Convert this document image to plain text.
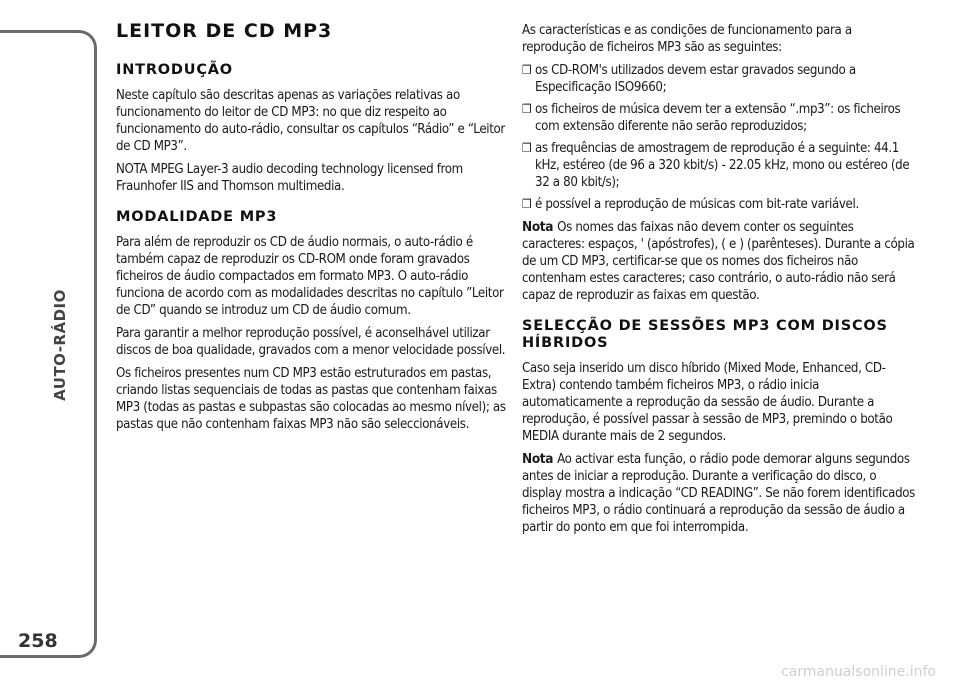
AUTO-RÁDIO
258
LEITOR DE CD MP3
INTRODUÇÃO

Neste capítulo são descritas apenas as variações relativas ao funcionamento do leitor de CD MP3: no que diz respeito ao funcionamento do auto-rádio, consultar os capítulos “Rádio” e “Leitor de CD MP3”.

NOTA MPEG Layer-3 audio decoding technology licensed from Fraunhofer IIS and Thomson multimedia.

MODALIDADE MP3

Para além de reproduzir os CD de áudio normais, o auto-rádio é também capaz de reproduzir os CD-ROM onde foram gravados ficheiros de áudio compactados em formato MP3. O auto-rádio funciona de acordo com as modalidades descritas no capítulo ”Leitor de CD” quando se introduz um CD de áudio comum.

Para garantir a melhor reprodução possível, é aconselhável utilizar discos de boa qualidade, gravados com a menor velocidade possível.

Os ficheiros presentes num CD MP3 estão estruturados em pastas, criando listas sequenciais de todas as pastas que contenham faixas MP3 (todas as pastas e subpastas são colocadas ao mesmo nível); as pastas que não contenham faixas MP3 não são seleccionáveis.

As características e as condições de funcionamento para a reprodução de ficheiros MP3 são as seguintes:

❒ os CD-ROM's utilizados devem estar gravados segundo a Especificação ISO9660;
❒ os ficheiros de música devem ter a extensão “.mp3”: os ficheiros com extensão diferente não serão reproduzidos;
❒ as frequências de amostragem de reprodução é a seguinte: 44.1 kHz, estéreo (de 96 a 320 kbit/s) - 22.05 kHz, mono ou estéreo (de 32 a 80 kbit/s);
❒ é possível a reprodução de músicas com bit-rate variável.

Nota Os nomes das faixas não devem conter os seguintes caracteres: espaços, ' (apóstrofes), ( e ) (parênteses). Durante a cópia de um CD MP3, certificar-se que os nomes dos ficheiros não contenham estes caracteres; caso contrário, o auto-rádio não será capaz de reproduzir as faixas em questão.

SELECÇÃO DE SESSÕES MP3 COM DISCOS HÍBRIDOS

Caso seja inserido um disco híbrido (Mixed Mode, Enhanced, CD-Extra) contendo também ficheiros MP3, o rádio inicia automaticamente a reprodução da sessão de áudio. Durante a reprodução, é possível passar à sessão de MP3, premindo o botão MEDIA durante mais de 2 segundos.

Nota Ao activar esta função, o rádio pode demorar alguns segundos antes de iniciar a reprodução. Durante a verificação do disco, o display mostra a indicação “CD READING”. Se não forem identificados ficheiros MP3, o rádio continuará a reprodução da sessão de áudio a partir do ponto em que foi interrompida.

carmanualsonline.info
